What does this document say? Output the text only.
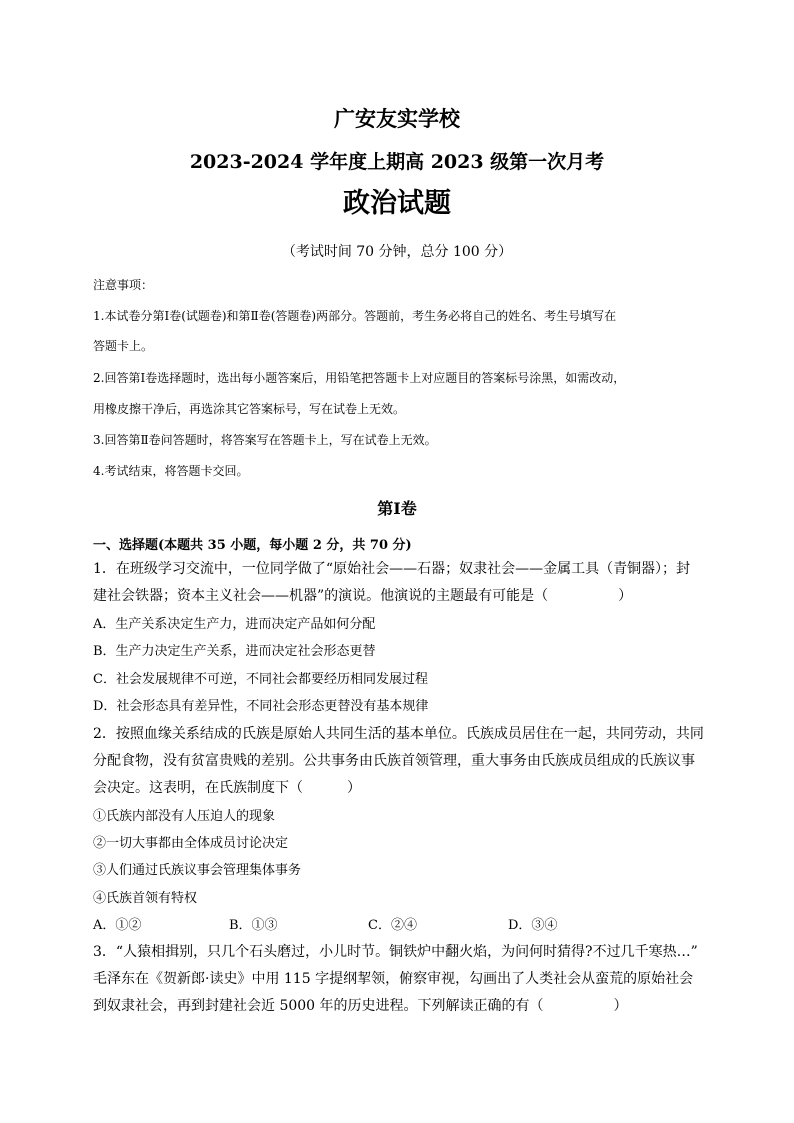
广安友实学校
2023-2024 学年度上期高 2023 级第一次月考
政治试题
（考试时间 70 分钟，总分 100 分）
注意事项：
1.本试卷分第Ⅰ卷(试题卷)和第Ⅱ卷(答题卷)两部分。答题前，考生务必将自己的姓名、考生号填写在
答题卡上。
2.回答第Ⅰ卷选择题时，选出每小题答案后，用铅笔把答题卡上对应题目的答案标号涂黑，如需改动，
用橡皮擦干净后，再选涂其它答案标号，写在试卷上无效。
3.回答第Ⅱ卷问答题时，将答案写在答题卡上，写在试卷上无效。
4.考试结束，将答题卡交回。
第Ⅰ卷
一、选择题(本题共 35 小题，每小题 2 分，共 70 分)
1．在班级学习交流中，一位同学做了“原始社会——石器；奴隶社会——金属工具（青铜器）；封
建社会铁器；资本主义社会——机器”的演说。他演说的主题最有可能是（	）
A．生产关系决定生产力，进而决定产品如何分配
B．生产力决定生产关系，进而决定社会形态更替
C．社会发展规律不可逆，不同社会都要经历相同发展过程
D．社会形态具有差异性，不同社会形态更替没有基本规律
2．按照血缘关系结成的氏族是原始人共同生活的基本单位。氏族成员居住在一起，共同劳动，共同
分配食物，没有贫富贵贱的差别。公共事务由氏族首领管理，重大事务由氏族成员组成的氏族议事
会决定。这表明，在氏族制度下（	）
①氏族内部没有人压迫人的现象
②一切大事都由全体成员讨论决定
③人们通过氏族议事会管理集体事务
④氏族首领有特权
A．①②	B．①③	C．②④	D．③④
3．“人猿相揖别，只几个石头磨过，小儿时节。铜铁炉中翻火焰，为问何时猜得?不过几千寒热…”
毛泽东在《贺新郎·读史》中用 115 字提纲挈领，俯察审视，勾画出了人类社会从蛮荒的原始社会
到奴隶社会，再到封建社会近 5000 年的历史进程。下列解读正确的有（	）
